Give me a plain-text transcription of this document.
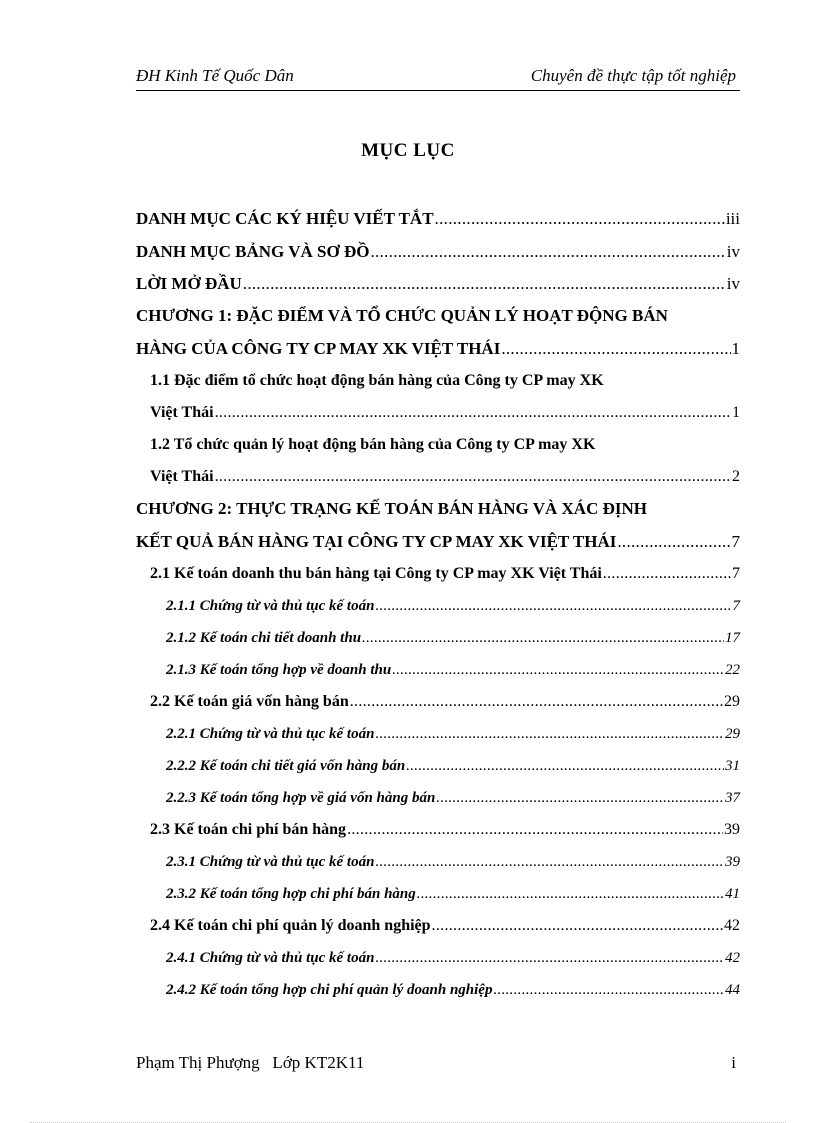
ĐH Kinh Tế Quốc Dân	Chuyên đề thực tập tốt nghiệp
MỤC LỤC
DANH MỤC CÁC KÝ HIỆU VIẾT TẮT .....	iii
DANH MỤC BẢNG VÀ SƠ ĐỒ .....	iv
LỜI MỞ ĐẦU .....	iv
CHƯƠNG 1: ĐẶC ĐIỂM VÀ TỔ CHỨC QUẢN LÝ HOẠT ĐỘNG BÁN
HÀNG CỦA CÔNG TY CP MAY XK VIỆT THÁI .....	1
1.1 Đặc điểm tổ chức hoạt động bán hàng của Công ty CP may XK
Việt Thái .....	1
1.2 Tổ chức quản lý hoạt động bán hàng của Công ty CP may XK
Việt Thái .....	2
CHƯƠNG 2: THỰC TRẠNG KẾ TOÁN BÁN HÀNG VÀ XÁC ĐỊNH
KẾT QUẢ BÁN HÀNG TẠI CÔNG TY CP MAY XK VIỆT THÁI .....	7
2.1 Kế toán doanh thu bán hàng tại Công ty CP may XK Việt Thái .....	7
2.1.1 Chứng từ và thủ tục kế toán .....	7
2.1.2 Kế toán chi tiết doanh thu .....	17
2.1.3 Kế toán tổng hợp về doanh thu .....	22
2.2 Kế toán giá vốn hàng bán .....	29
2.2.1 Chứng từ và thủ tục kế toán .....	29
2.2.2 Kế toán chi tiết giá vốn hàng bán .....	31
2.2.3 Kế toán tổng hợp về giá vốn hàng bán .....	37
2.3 Kế toán chi phí bán hàng .....	39
2.3.1 Chứng từ và thủ tục kế toán .....	39
2.3.2 Kế toán tổng hợp chi phí bán hàng .....	41
2.4 Kế toán chi phí quản lý doanh nghiệp .....	42
2.4.1 Chứng từ và thủ tục kế toán .....	42
2.4.2 Kế toán tổng hợp chi phí quản lý doanh nghiệp .....	44
Phạm Thị Phượng   Lớp KT2K11	i
